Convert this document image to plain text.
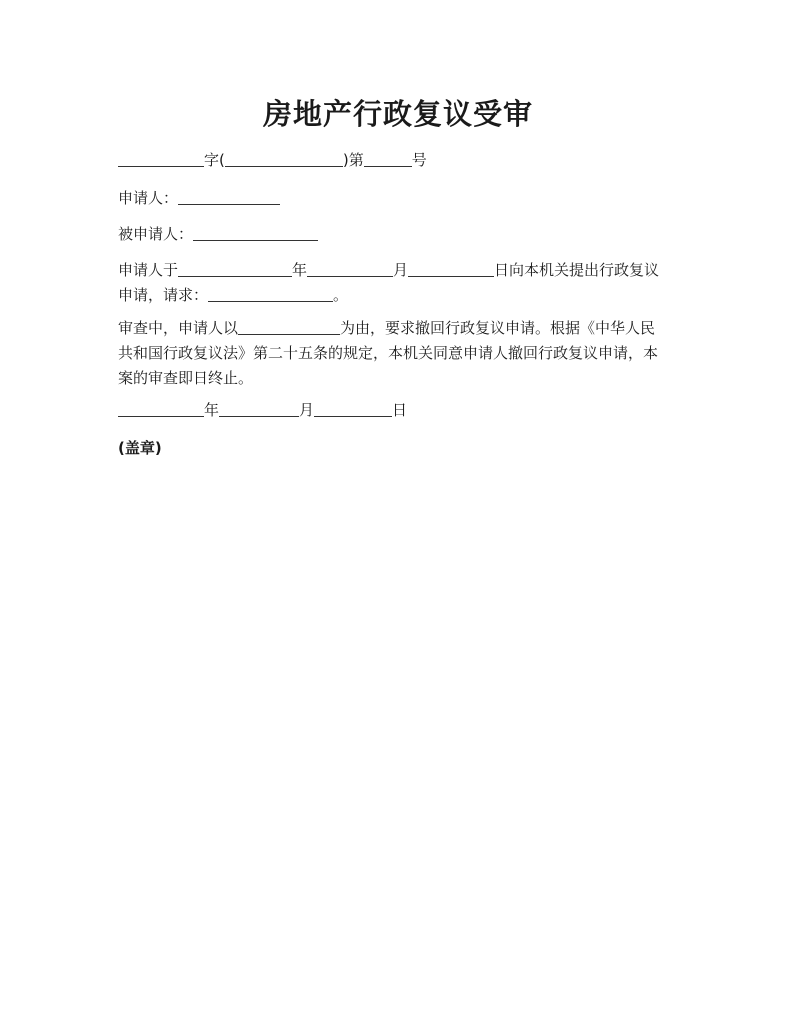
房地产行政复议受审
字(	)第	号
申请人：
被申请人：
申请人于	年	月	日向本机关提出行政复议
申请，请求：	。
审查中，申请人以	为由，要求撤回行政复议申请。根据《中华人民
共和国行政复议法》第二十五条的规定，本机关同意申请人撤回行政复议申请，本
案的审查即日终止。
年	月	日
(盖章)
